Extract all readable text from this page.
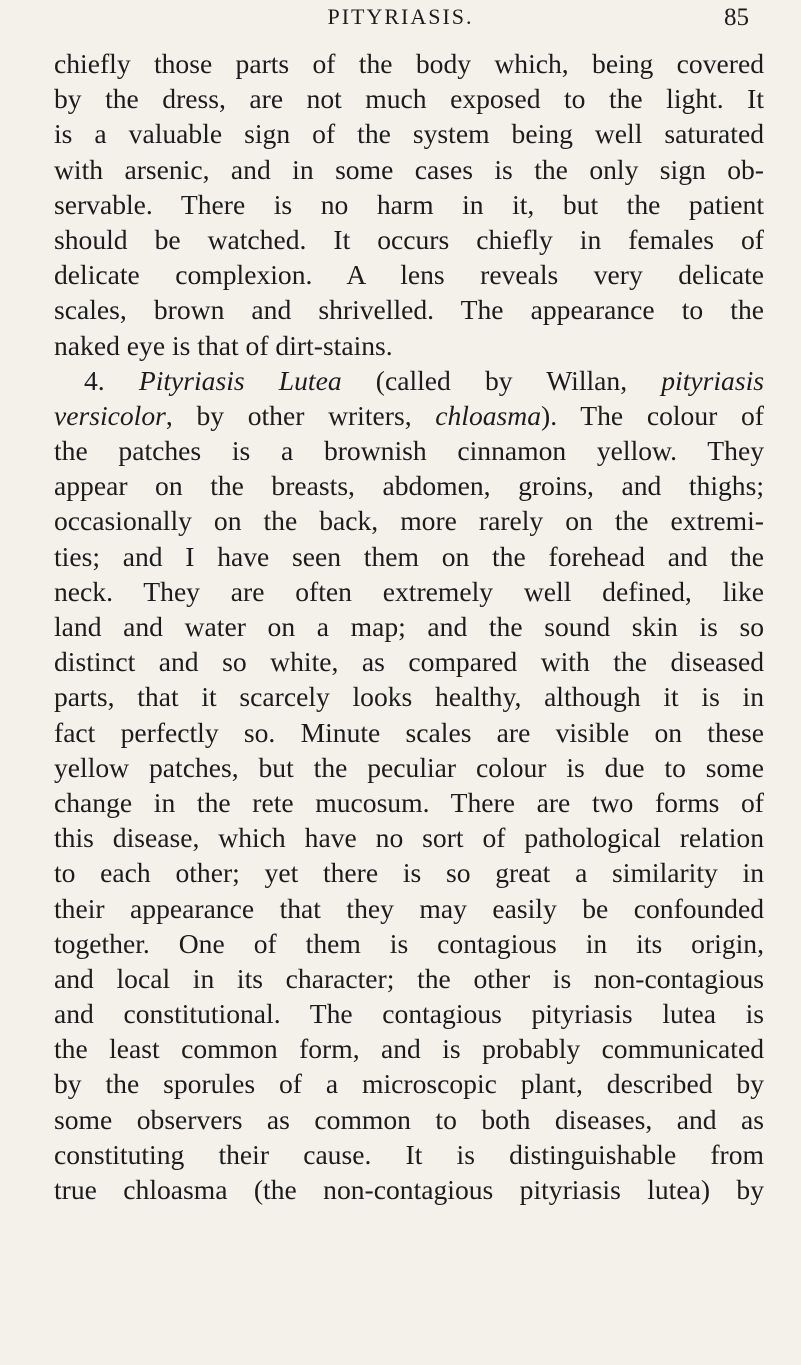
PITYRIASIS.	85
chiefly those parts of the body which, being covered
by the dress, are not much exposed to the light. It
is a valuable sign of the system being well saturated
with arsenic, and in some cases is the only sign ob-
servable. There is no harm in it, but the patient
should be watched. It occurs chiefly in females of
delicate complexion. A lens reveals very delicate
scales, brown and shrivelled. The appearance to the
naked eye is that of dirt-stains.
4. Pityriasis Lutea (called by Willan, pityriasis
versicolor, by other writers, chloasma). The colour of
the patches is a brownish cinnamon yellow. They
appear on the breasts, abdomen, groins, and thighs;
occasionally on the back, more rarely on the extremi-
ties; and I have seen them on the forehead and the
neck. They are often extremely well defined, like
land and water on a map; and the sound skin is so
distinct and so white, as compared with the diseased
parts, that it scarcely looks healthy, although it is in
fact perfectly so. Minute scales are visible on these
yellow patches, but the peculiar colour is due to some
change in the rete mucosum. There are two forms of
this disease, which have no sort of pathological relation
to each other; yet there is so great a similarity in
their appearance that they may easily be confounded
together. One of them is contagious in its origin,
and local in its character; the other is non-contagious
and constitutional. The contagious pityriasis lutea is
the least common form, and is probably communicated
by the sporules of a microscopic plant, described by
some observers as common to both diseases, and as
constituting their cause. It is distinguishable from
true chloasma (the non-contagious pityriasis lutea) by
